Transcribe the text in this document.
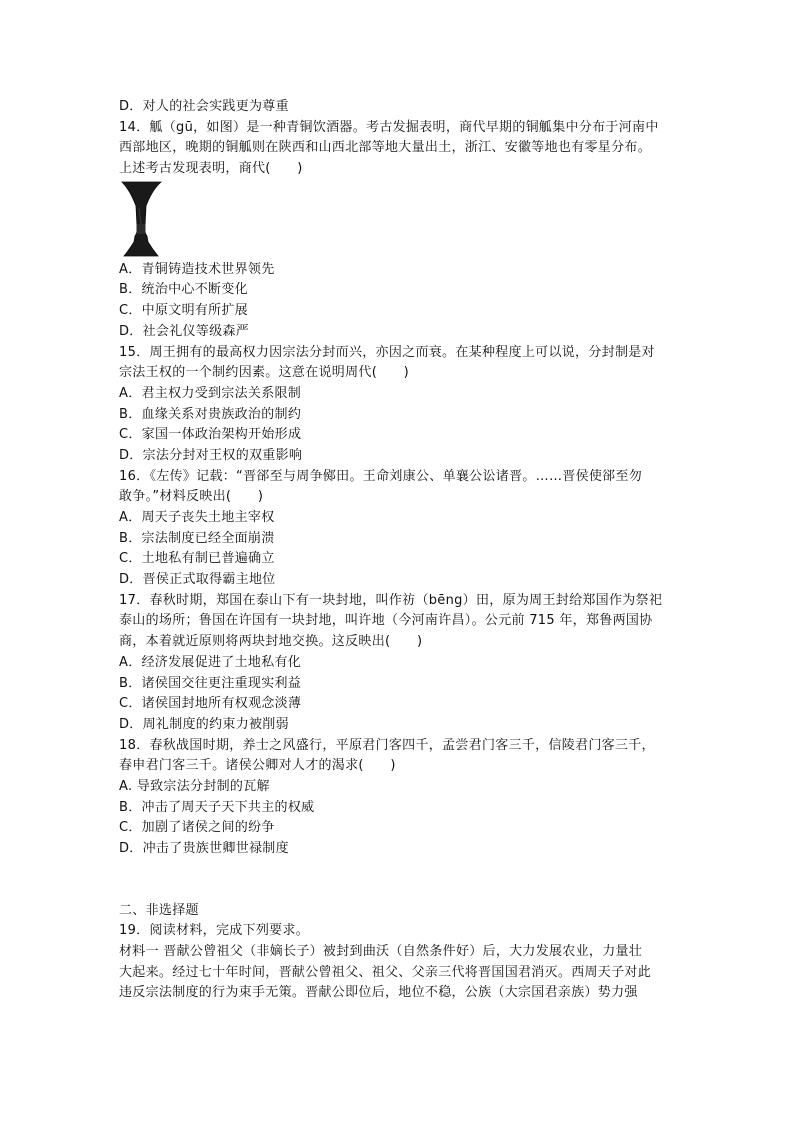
D．对人的社会实践更为尊重
14．觚（gū，如图）是一种青铜饮酒器。考古发掘表明，商代早期的铜觚集中分布于河南中
西部地区，晚期的铜觚则在陕西和山西北部等地大量出土，浙江、安徽等地也有零星分布。
上述考古发现表明，商代(　　)
A．青铜铸造技术世界领先
B．统治中心不断变化
C．中原文明有所扩展
D．社会礼仪等级森严
15．周王拥有的最高权力因宗法分封而兴，亦因之而衰。在某种程度上可以说，分封制是对
宗法王权的一个制约因素。这意在说明周代(　　)
A．君主权力受到宗法关系限制
B．血缘关系对贵族政治的制约
C．家国一体政治架构开始形成
D．宗法分封对王权的双重影响
16．《左传》记载：“晋郤至与周争鄇田。王命刘康公、单襄公讼诸晋。……晋侯使郤至勿
敢争。”材料反映出(　　)
A．周天子丧失土地主宰权
B．宗法制度已经全面崩溃
C．土地私有制已普遍确立
D．晋侯正式取得霸主地位
17．春秋时期，郑国在泰山下有一块封地，叫作祊（bēng）田，原为周王封给郑国作为祭祀
泰山的场所；鲁国在许国有一块封地，叫许地（今河南许昌）。公元前 715 年，郑鲁两国协
商，本着就近原则将两块封地交换。这反映出(　　)
A．经济发展促进了土地私有化
B．诸侯国交往更注重现实利益
C．诸侯国封地所有权观念淡薄
D．周礼制度的约束力被削弱
18．春秋战国时期，养士之风盛行，平原君门客四千，孟尝君门客三千，信陵君门客三千，
春申君门客三千。诸侯公卿对人才的渴求(　　)
A. 导致宗法分封制的瓦解
B．冲击了周天子天下共主的权威
C．加剧了诸侯之间的纷争
D．冲击了贵族世卿世禄制度
二、非选择题
19．阅读材料，完成下列要求。
材料一 晋献公曾祖父（非嫡长子）被封到曲沃（自然条件好）后，大力发展农业，力量壮
大起来。经过七十年时间，晋献公曾祖父、祖父、父亲三代将晋国国君消灭。西周天子对此
违反宗法制度的行为束手无策。晋献公即位后，地位不稳，公族（大宗国君亲族）势力强
